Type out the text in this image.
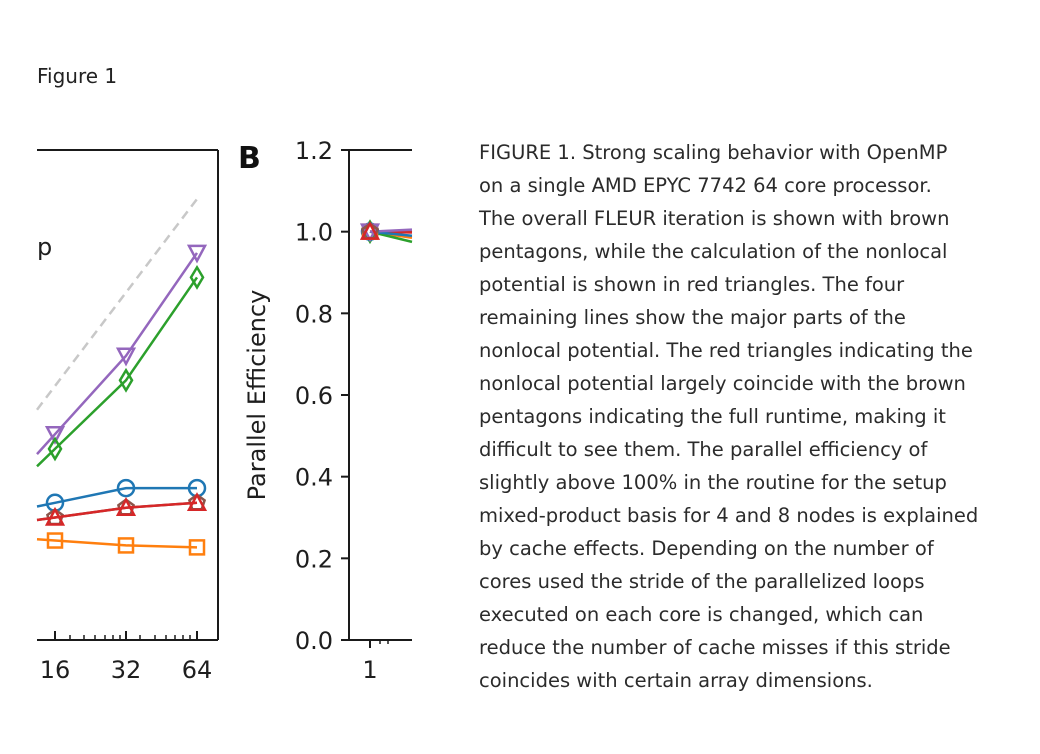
Figure 1
p
16 32 64
B
Parallel Efficiency
0.0
0.2
0.4
0.6
0.8
1.0
1.2
1
FIGURE 1. Strong scaling behavior with OpenMP
on a single AMD EPYC 7742 64 core processor.
The overall FLEUR iteration is shown with brown
pentagons, while the calculation of the nonlocal
potential is shown in red triangles. The four
remaining lines show the major parts of the
nonlocal potential. The red triangles indicating the
nonlocal potential largely coincide with the brown
pentagons indicating the full runtime, making it
difficult to see them. The parallel efficiency of
slightly above 100% in the routine for the setup
mixed-product basis for 4 and 8 nodes is explained
by cache effects. Depending on the number of
cores used the stride of the parallelized loops
executed on each core is changed, which can
reduce the number of cache misses if this stride
coincides with certain array dimensions.
